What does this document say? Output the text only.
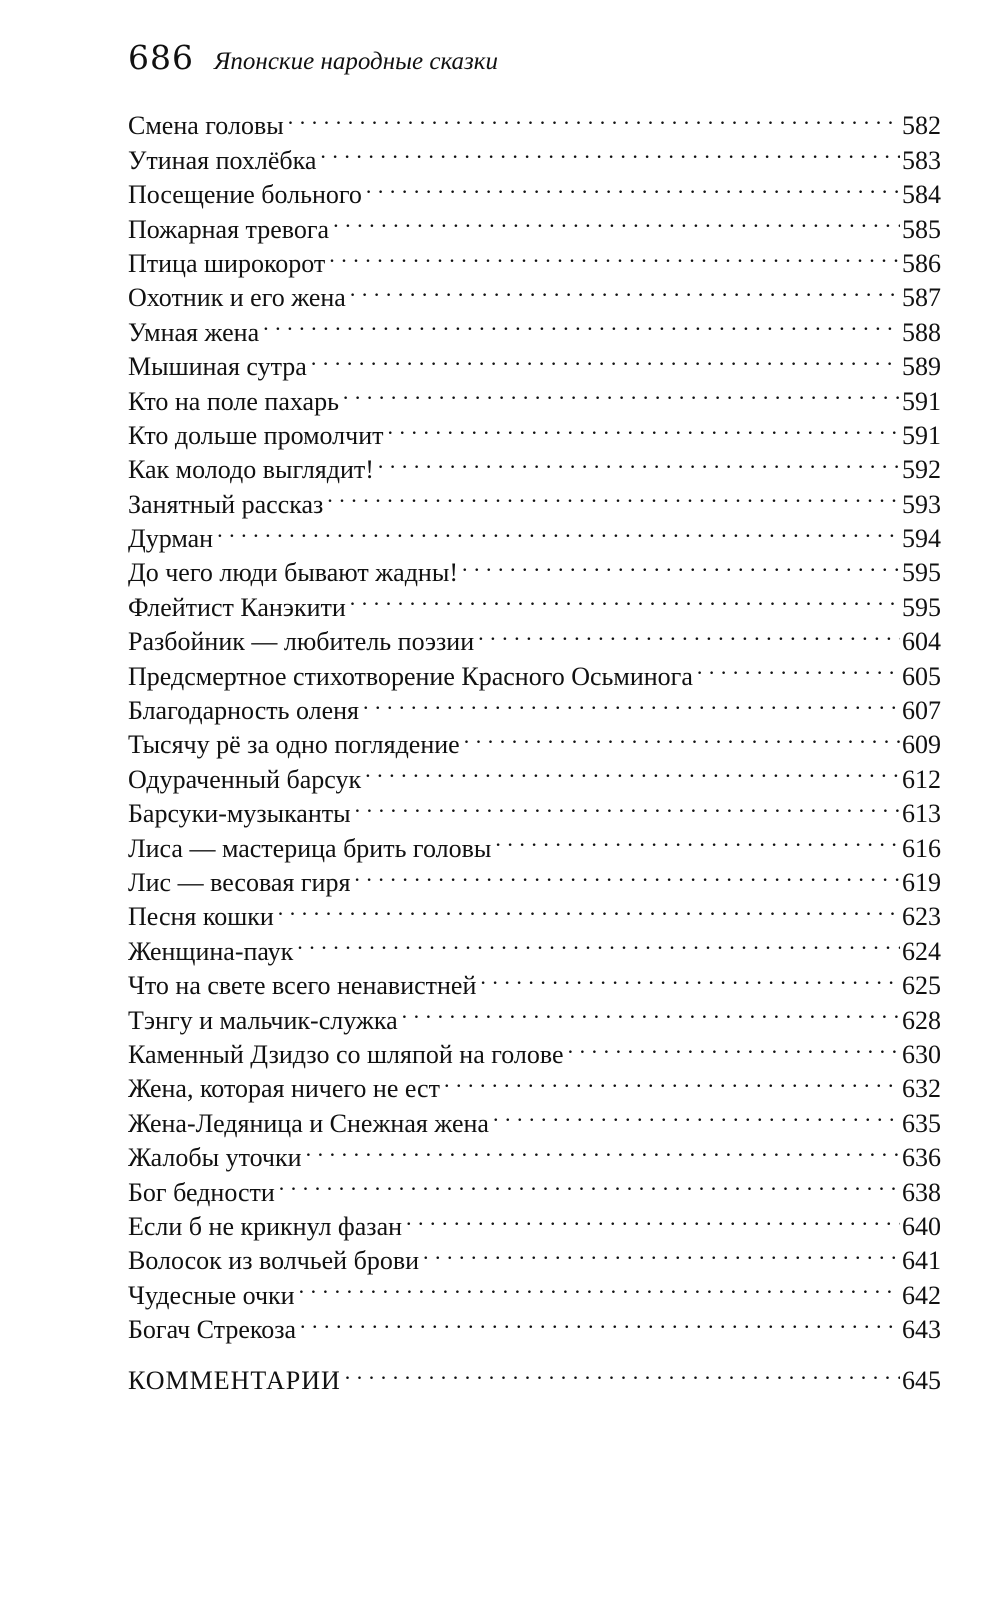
686 Японские народные сказки
Смена головы . . .	582
Утиная похлёбка . . .	583
Посещение больного . . .	584
Пожарная тревога . . .	585
Птица широкорот . . .	586
Охотник и его жена . . .	587
Умная жена . . .	588
Мышиная сутра . . .	589
Кто на поле пахарь . . .	591
Кто дольше промолчит . . .	591
Как молодо выглядит! . . .	592
Занятный рассказ . . .	593
Дурман . . .	594
До чего люди бывают жадны! . . .	595
Флейтист Канэкити . . .	595
Разбойник — любитель поэзии . . .	604
Предсмертное стихотворение Красного Осьминога . . .	605
Благодарность оленя . . .	607
Тысячу рё за одно поглядение . . .	609
Одураченный барсук . . .	612
Барсуки-музыканты . . .	613
Лиса — мастерица брить головы . . .	616
Лис — весовая гиря . . .	619
Песня кошки . . .	623
Женщина-паук . . .	624
Что на свете всего ненавистней . . .	625
Тэнгу и мальчик-служка . . .	628
Каменный Дзидзо со шляпой на голове . . .	630
Жена, которая ничего не ест . . .	632
Жена-Ледяница и Снежная жена . . .	635
Жалобы уточки . . .	636
Бог бедности . . .	638
Если б не крикнул фазан . . .	640
Волосок из волчьей брови . . .	641
Чудесные очки . . .	642
Богач Стрекоза . . .	643
КОММЕНТАРИИ . . .	645
